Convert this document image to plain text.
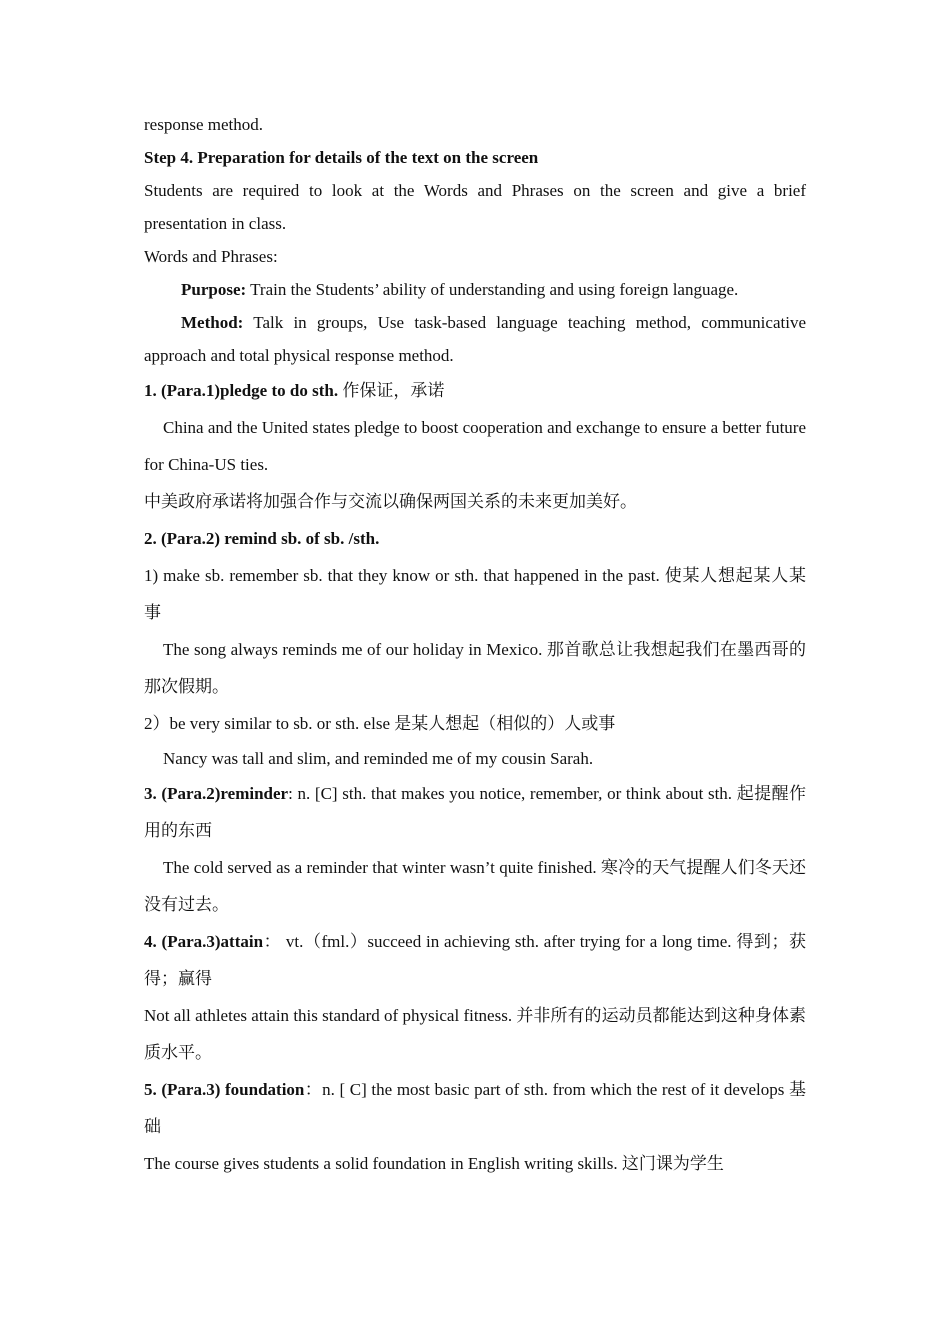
response method.

Step 4. Preparation for details of the text on the screen

Students are required to look at the Words and Phrases on the screen and give a brief presentation in class.

Words and Phrases:

Purpose: Train the Students’ ability of understanding and using foreign language.

Method: Talk in groups, Use task-based language teaching method, communicative approach and total physical response method.

1. (Para.1)pledge to do sth. 作保证，承诺

China and the United states pledge to boost cooperation and exchange to ensure a better future for China-US ties.

中美政府承诺将加强合作与交流以确保两国关系的未来更加美好。

2. (Para.2) remind sb. of sb. /sth.

1) make sb. remember sb. that they know or sth. that happened in the past. 使某人想起某人某事

The song always reminds me of our holiday in Mexico. 那首歌总让我想起我们在墨西哥的那次假期。

2）be very similar to sb. or sth. else 是某人想起（相似的）人或事

Nancy was tall and slim, and reminded me of my cousin Sarah.

3. (Para.2)reminder: n. [C] sth. that makes you notice, remember, or think about sth. 起提醒作用的东西

The cold served as a reminder that winter wasn’t quite finished. 寒冷的天气提醒人们冬天还没有过去。

4. (Para.3)attain： vt.（fml.）succeed in achieving sth. after trying for a long time. 得到；获得；赢得

Not all athletes attain this standard of physical fitness. 并非所有的运动员都能达到这种身体素质水平。

5. (Para.3) foundation：n. [ C] the most basic part of sth. from which the rest of it develops 基础

The course gives students a solid foundation in English writing skills. 这门课为学生
